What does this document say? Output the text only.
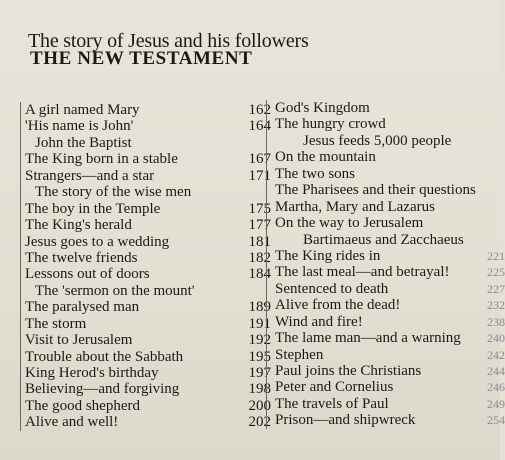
The story of Jesus and his followers
THE NEW TESTAMENT
A girl named Mary	162
'His name is John'	164
John the Baptist
The King born in a stable	167
Strangers—and a star	171
The story of the wise men
The boy in the Temple	175
The King's herald	177
Jesus goes to a wedding	181
The twelve friends	182
Lessons out of doors	184
The 'sermon on the mount'
The paralysed man	189
The storm	191
Visit to Jerusalem	192
Trouble about the Sabbath	195
King Herod's birthday	197
Believing—and forgiving	198
The good shepherd	200
Alive and well!	202
God's Kingdom
The hungry crowd
Jesus feeds 5,000 people
On the mountain
The two sons
The Pharisees and their questions
Martha, Mary and Lazarus
On the way to Jerusalem
Bartimaeus and Zacchaeus
The King rides in	221
The last meal—and betrayal!	225
Sentenced to death	227
Alive from the dead!	232
Wind and fire!	238
The lame man—and a warning 240
Stephen	242
Paul joins the Christians	244
Peter and Cornelius	246
The travels of Paul	249
Prison—and shipwreck	254
